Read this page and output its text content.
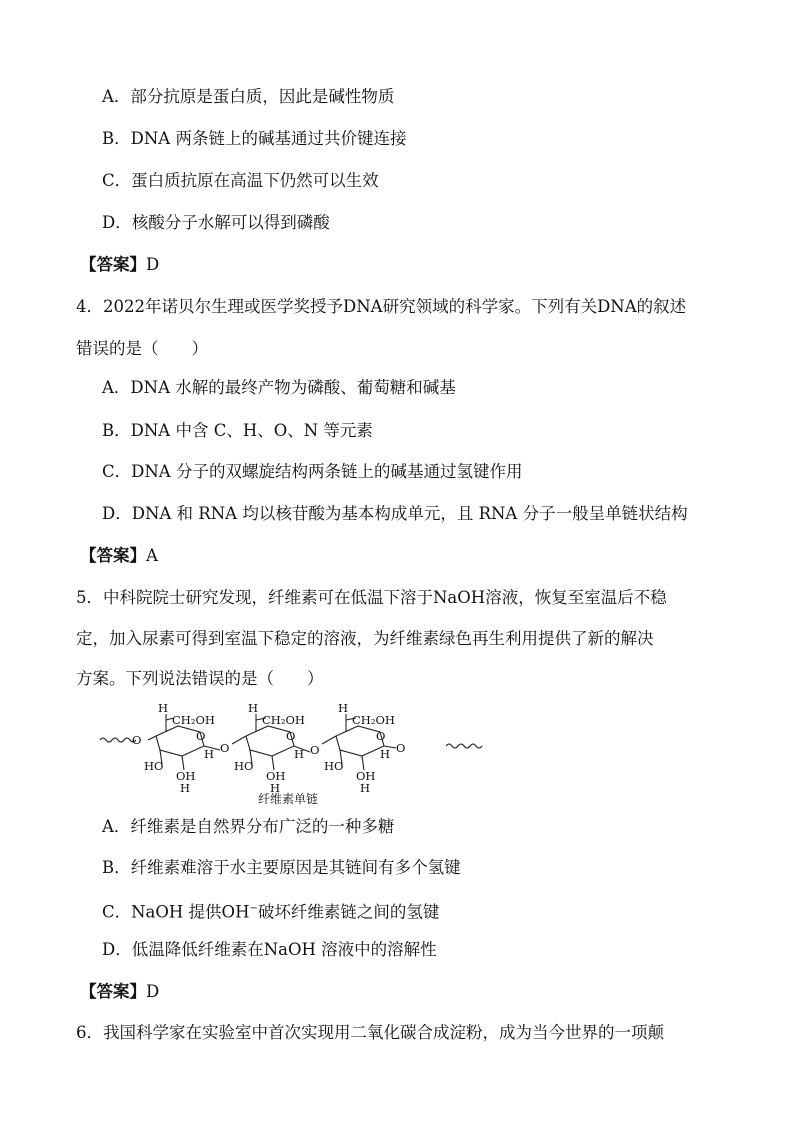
A．部分抗原是蛋白质，因此是碱性物质
B．DNA 两条链上的碱基通过共价键连接
C．蛋白质抗原在高温下仍然可以生效
D．核酸分子水解可以得到磷酸
【答案】D
4．2022年诺贝尔生理或医学奖授予DNA研究领域的科学家。下列有关DNA的叙述
错误的是（　　）
A．DNA 水解的最终产物为磷酸、葡萄糖和碱基
B．DNA 中含 C、H、O、N 等元素
C．DNA 分子的双螺旋结构两条链上的碱基通过氢键作用
D．DNA 和 RNA 均以核苷酸为基本构成单元，且 RNA 分子一般呈单链状结构
【答案】A
5．中科院院士研究发现，纤维素可在低温下溶于NaOH溶液，恢复至室温后不稳
定，加入尿素可得到室温下稳定的溶液，为纤维素绿色再生利用提供了新的解决
方案。下列说法错误的是（　　）
O
H
CH₂OH
O
HO
OH
H
H
O
H
CH₂OH
O
HO
OH
H
H O
H
CH₂OH
O
HO
OH
H
H
O
纤维素单链
A．纤维素是自然界分布广泛的一种多糖
B．纤维素难溶于水主要原因是其链间有多个氢键
C．NaOH 提供OH−破坏纤维素链之间的氢键
D．低温降低纤维素在NaOH 溶液中的溶解性
【答案】D
6．我国科学家在实验室中首次实现用二氧化碳合成淀粉，成为当今世界的一项颠
